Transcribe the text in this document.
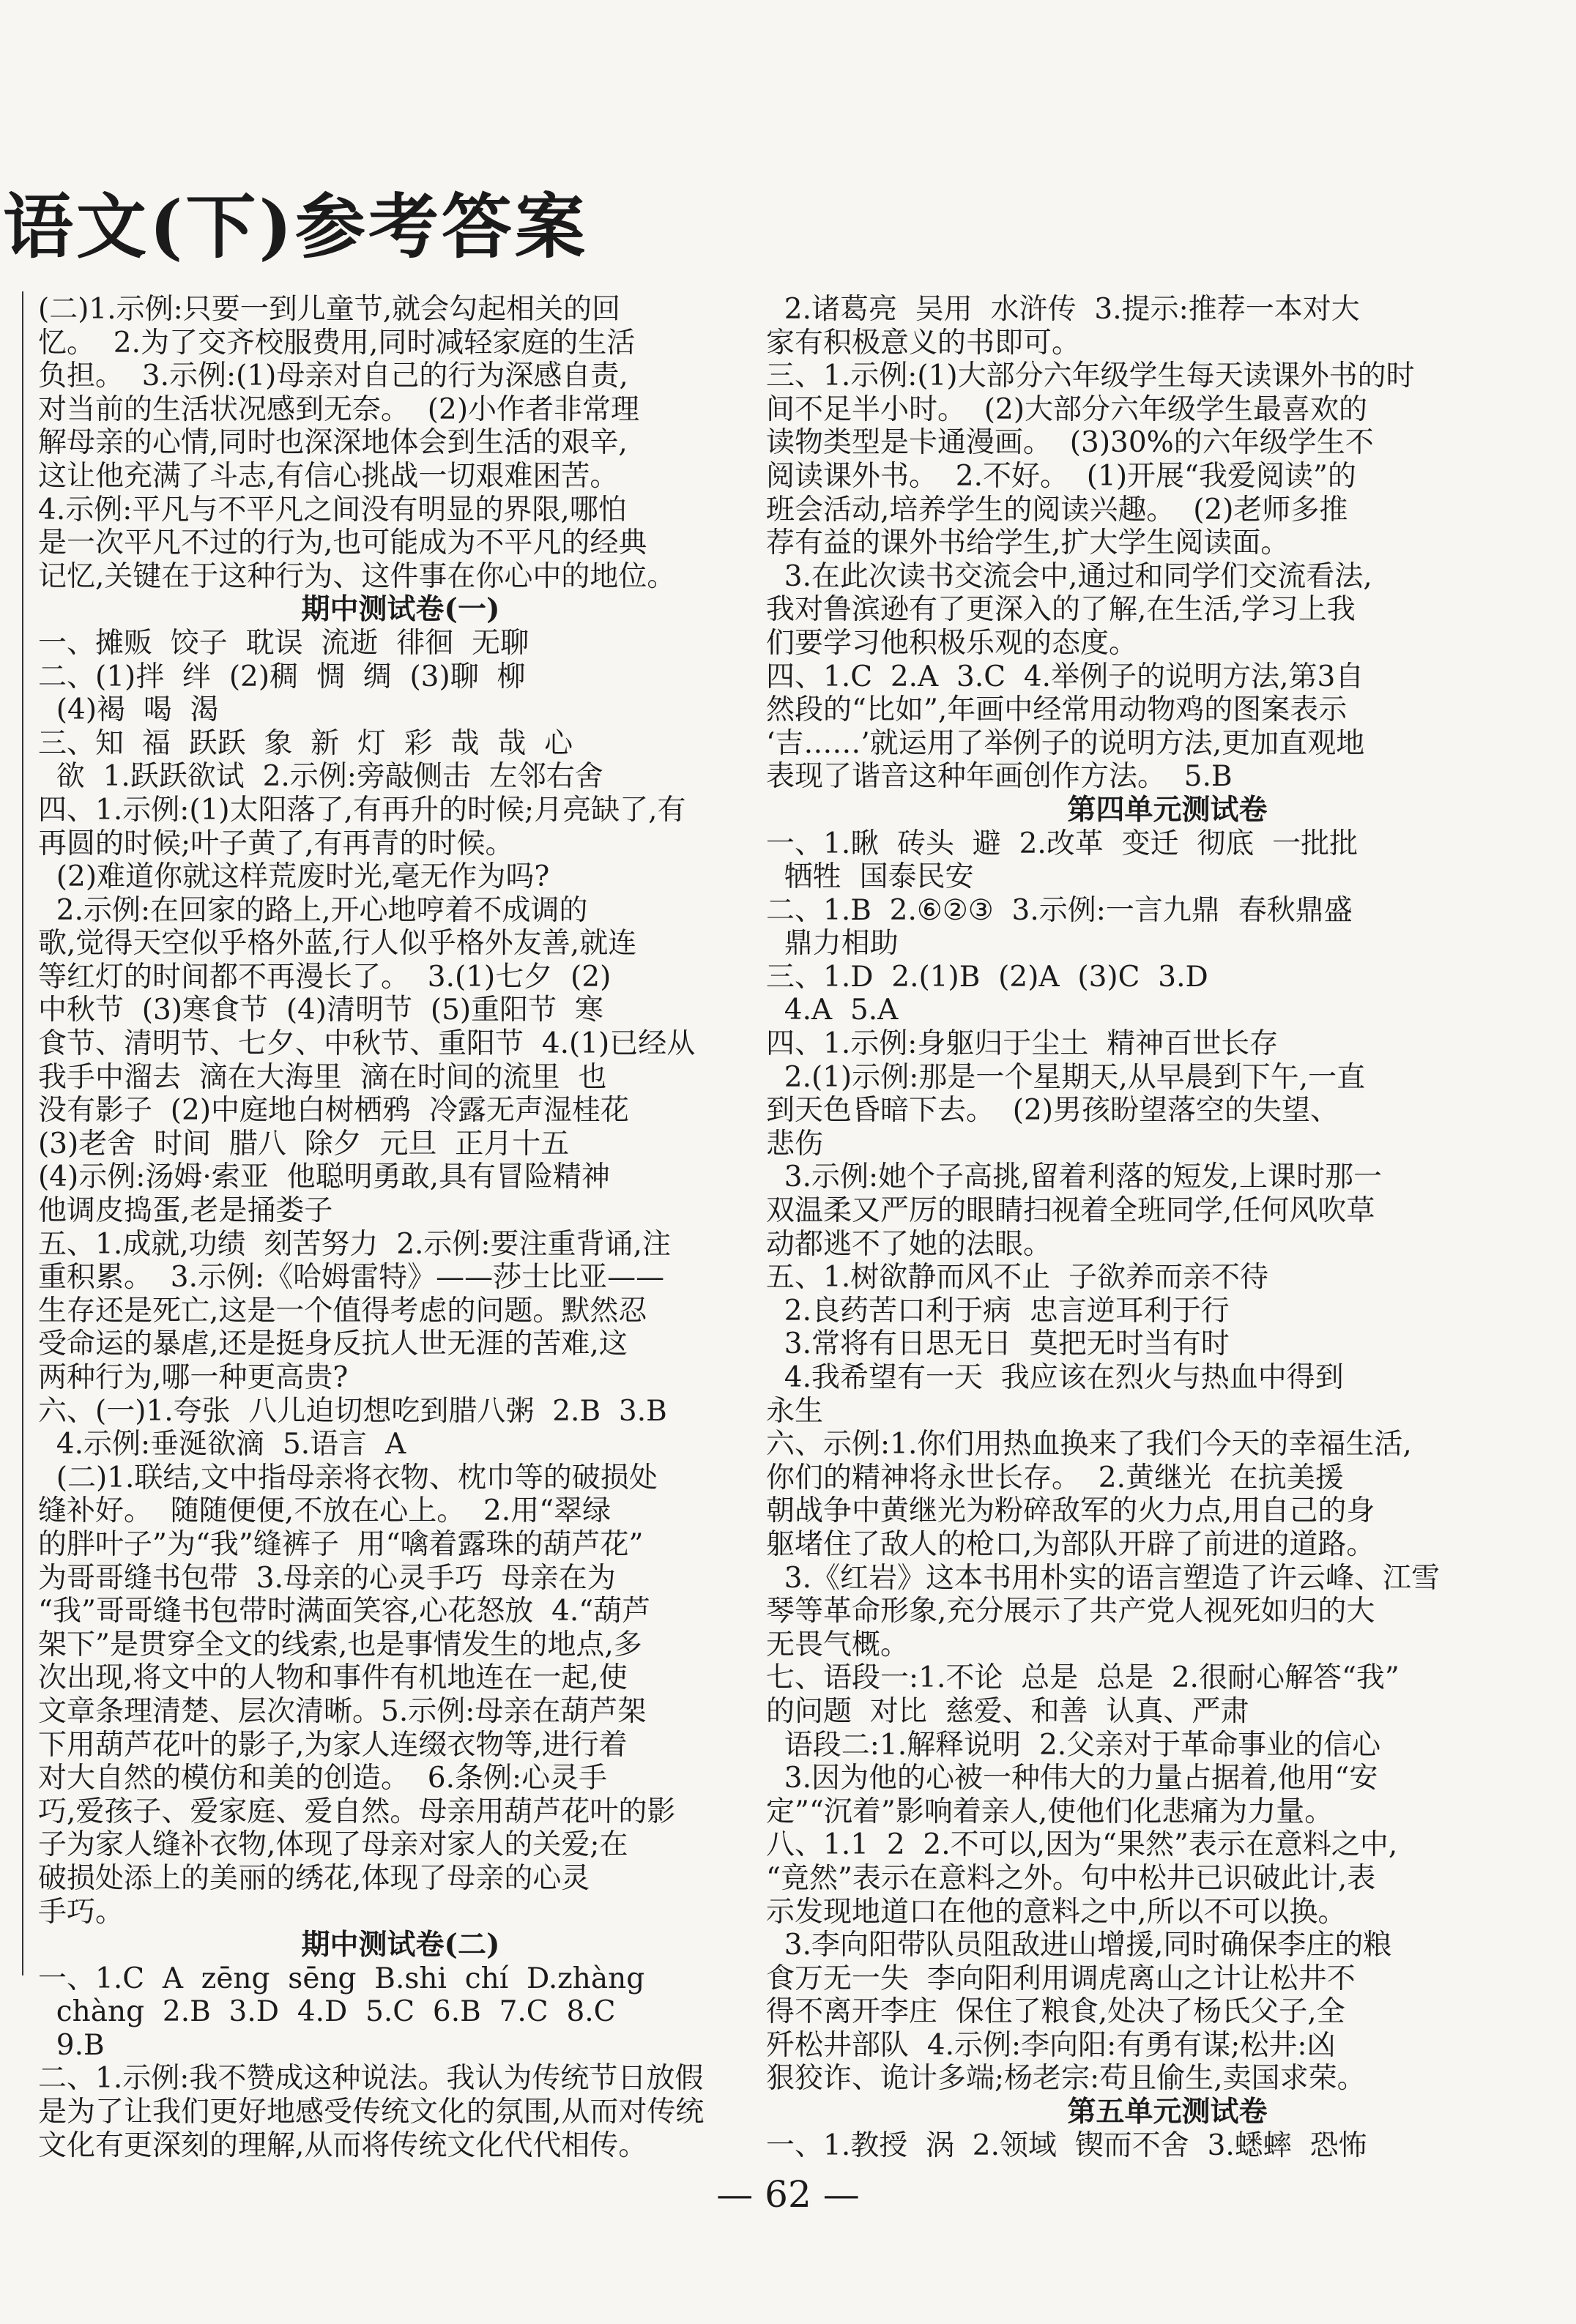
语文(下)参考答案
(二)1.示例:只要一到儿童节,就会勾起相关的回
忆。  2.为了交齐校服费用,同时减轻家庭的生活
负担。  3.示例:(1)母亲对自己的行为深感自责,
对当前的生活状况感到无奈。  (2)小作者非常理
解母亲的心情,同时也深深地体会到生活的艰辛,
这让他充满了斗志,有信心挑战一切艰难困苦。
4.示例:平凡与不平凡之间没有明显的界限,哪怕
是一次平凡不过的行为,也可能成为不平凡的经典
记忆,关键在于这种行为、这件事在你心中的地位。
期中测试卷(一)
一、摊贩  饺子  耽误  流逝  徘徊  无聊
二、(1)拌  绊  (2)稠  惆  绸  (3)聊  柳
(4)褐  喝  渴
三、知  福  跃跃  象  新  灯  彩  哉  哉  心
欲  1.跃跃欲试  2.示例:旁敲侧击  左邻右舍
四、1.示例:(1)太阳落了,有再升的时候;月亮缺了,有
再圆的时候;叶子黄了,有再青的时候。
(2)难道你就这样荒废时光,毫无作为吗?
2.示例:在回家的路上,开心地哼着不成调的
歌,觉得天空似乎格外蓝,行人似乎格外友善,就连
等红灯的时间都不再漫长了。  3.(1)七夕  (2)
中秋节  (3)寒食节  (4)清明节  (5)重阳节  寒
食节、清明节、七夕、中秋节、重阳节  4.(1)已经从
我手中溜去  滴在大海里  滴在时间的流里  也
没有影子  (2)中庭地白树栖鸦  冷露无声湿桂花
(3)老舍  时间  腊八  除夕  元旦  正月十五
(4)示例:汤姆·索亚  他聪明勇敢,具有冒险精神
他调皮捣蛋,老是捅娄子
五、1.成就,功绩  刻苦努力  2.示例:要注重背诵,注
重积累。  3.示例:《哈姆雷特》——莎士比亚——
生存还是死亡,这是一个值得考虑的问题。默然忍
受命运的暴虐,还是挺身反抗人世无涯的苦难,这
两种行为,哪一种更高贵?
六、(一)1.夸张  八儿迫切想吃到腊八粥  2.B  3.B
4.示例:垂涎欲滴  5.语言  A
(二)1.联结,文中指母亲将衣物、枕巾等的破损处
缝补好。  随随便便,不放在心上。  2.用“翠绿
的胖叶子”为“我”缝裤子  用“噙着露珠的葫芦花”
为哥哥缝书包带  3.母亲的心灵手巧  母亲在为
“我”哥哥缝书包带时满面笑容,心花怒放  4.“葫芦
架下”是贯穿全文的线索,也是事情发生的地点,多
次出现,将文中的人物和事件有机地连在一起,使
文章条理清楚、层次清晰。5.示例:母亲在葫芦架
下用葫芦花叶的影子,为家人连缀衣物等,进行着
对大自然的模仿和美的创造。  6.条例:心灵手
巧,爱孩子、爱家庭、爱自然。母亲用葫芦花叶的影
子为家人缝补衣物,体现了母亲对家人的关爱;在
破损处添上的美丽的绣花,体现了母亲的心灵
手巧。
期中测试卷(二)
一、1.C  A  zēng  sēng  B.shi  chí  D.zhàng
chàng  2.B  3.D  4.D  5.C  6.B  7.C  8.C
9.B
二、1.示例:我不赞成这种说法。我认为传统节日放假
是为了让我们更好地感受传统文化的氛围,从而对传统
文化有更深刻的理解,从而将传统文化代代相传。
2.诸葛亮  吴用  水浒传  3.提示:推荐一本对大
家有积极意义的书即可。
三、1.示例:(1)大部分六年级学生每天读课外书的时
间不足半小时。  (2)大部分六年级学生最喜欢的
读物类型是卡通漫画。  (3)30%的六年级学生不
阅读课外书。  2.不好。  (1)开展“我爱阅读”的
班会活动,培养学生的阅读兴趣。  (2)老师多推
荐有益的课外书给学生,扩大学生阅读面。
3.在此次读书交流会中,通过和同学们交流看法,
我对鲁滨逊有了更深入的了解,在生活,学习上我
们要学习他积极乐观的态度。
四、1.C  2.A  3.C  4.举例子的说明方法,第3自
然段的“比如”,年画中经常用动物鸡的图案表示
‘吉……’就运用了举例子的说明方法,更加直观地
表现了谐音这种年画创作方法。  5.B
第四单元测试卷
一、1.瞅  砖头  避  2.改革  变迁  彻底  一批批
牺牲  国泰民安
二、1.B  2.⑥②③  3.示例:一言九鼎  春秋鼎盛
鼎力相助
三、1.D  2.(1)B  (2)A  (3)C  3.D
4.A  5.A
四、1.示例:身躯归于尘土  精神百世长存
2.(1)示例:那是一个星期天,从早晨到下午,一直
到天色昏暗下去。  (2)男孩盼望落空的失望、
悲伤
3.示例:她个子高挑,留着利落的短发,上课时那一
双温柔又严厉的眼睛扫视着全班同学,任何风吹草
动都逃不了她的法眼。
五、1.树欲静而风不止  子欲养而亲不待
2.良药苦口利于病  忠言逆耳利于行
3.常将有日思无日  莫把无时当有时
4.我希望有一天  我应该在烈火与热血中得到
永生
六、示例:1.你们用热血换来了我们今天的幸福生活,
你们的精神将永世长存。  2.黄继光  在抗美援
朝战争中黄继光为粉碎敌军的火力点,用自己的身
躯堵住了敌人的枪口,为部队开辟了前进的道路。
3.《红岩》这本书用朴实的语言塑造了许云峰、江雪
琴等革命形象,充分展示了共产党人视死如归的大
无畏气概。
七、语段一:1.不论  总是  总是  2.很耐心解答“我”
的问题  对比  慈爱、和善  认真、严肃
语段二:1.解释说明  2.父亲对于革命事业的信心
3.因为他的心被一种伟大的力量占据着,他用“安
定”“沉着”影响着亲人,使他们化悲痛为力量。
八、1.1  2  2.不可以,因为“果然”表示在意料之中,
“竟然”表示在意料之外。句中松井已识破此计,表
示发现地道口在他的意料之中,所以不可以换。
3.李向阳带队员阻敌进山增援,同时确保李庄的粮
食万无一失  李向阳利用调虎离山之计让松井不
得不离开李庄  保住了粮食,处决了杨氏父子,全
歼松井部队  4.示例:李向阳:有勇有谋;松井:凶
狠狡诈、诡计多端;杨老宗:苟且偷生,卖国求荣。
第五单元测试卷
一、1.教授  涡  2.领域  锲而不舍  3.蟋蟀  恐怖
— 62 —
